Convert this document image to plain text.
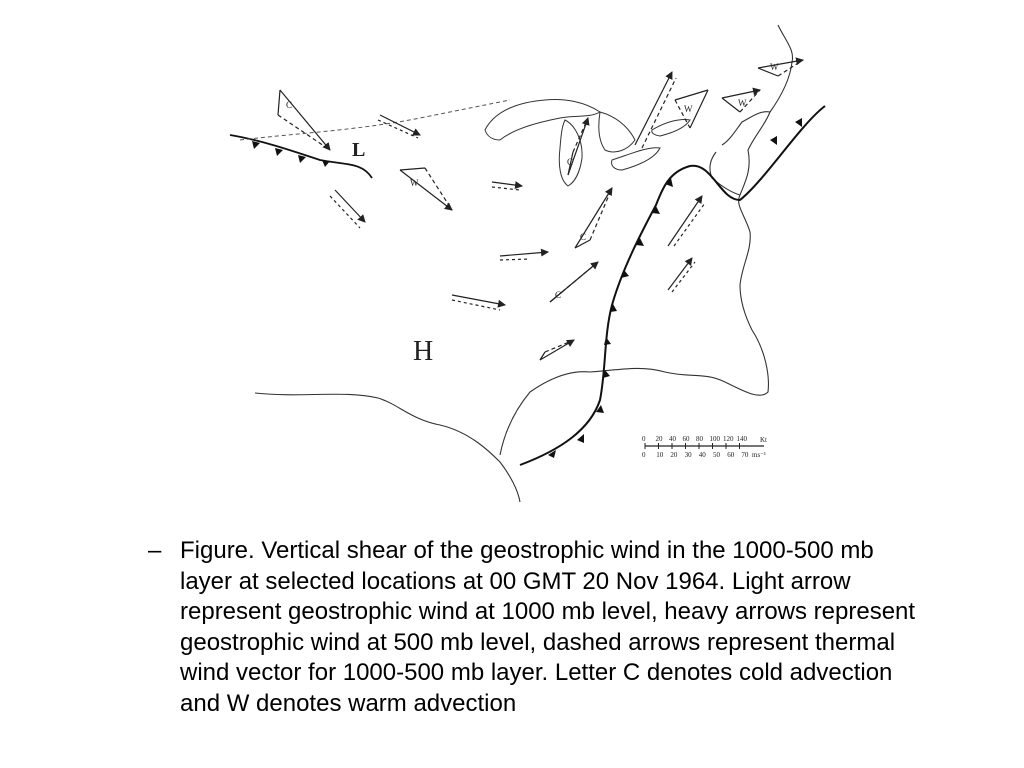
L
H
C
W
C
C
C
W
W
W
0 20 40 60 80 100 120 140
0 10 20 30 40 50 60 70
Kt
ms⁻¹
– Figure. Vertical shear of the geostrophic wind in the 1000-500 mb layer at selected locations at 00 GMT 20 Nov 1964. Light arrow represent geostrophic wind at 1000 mb level, heavy arrows represent geostrophic wind at 500 mb level, dashed arrows represent thermal wind vector for 1000-500 mb layer. Letter C denotes cold advection and W denotes warm advection
